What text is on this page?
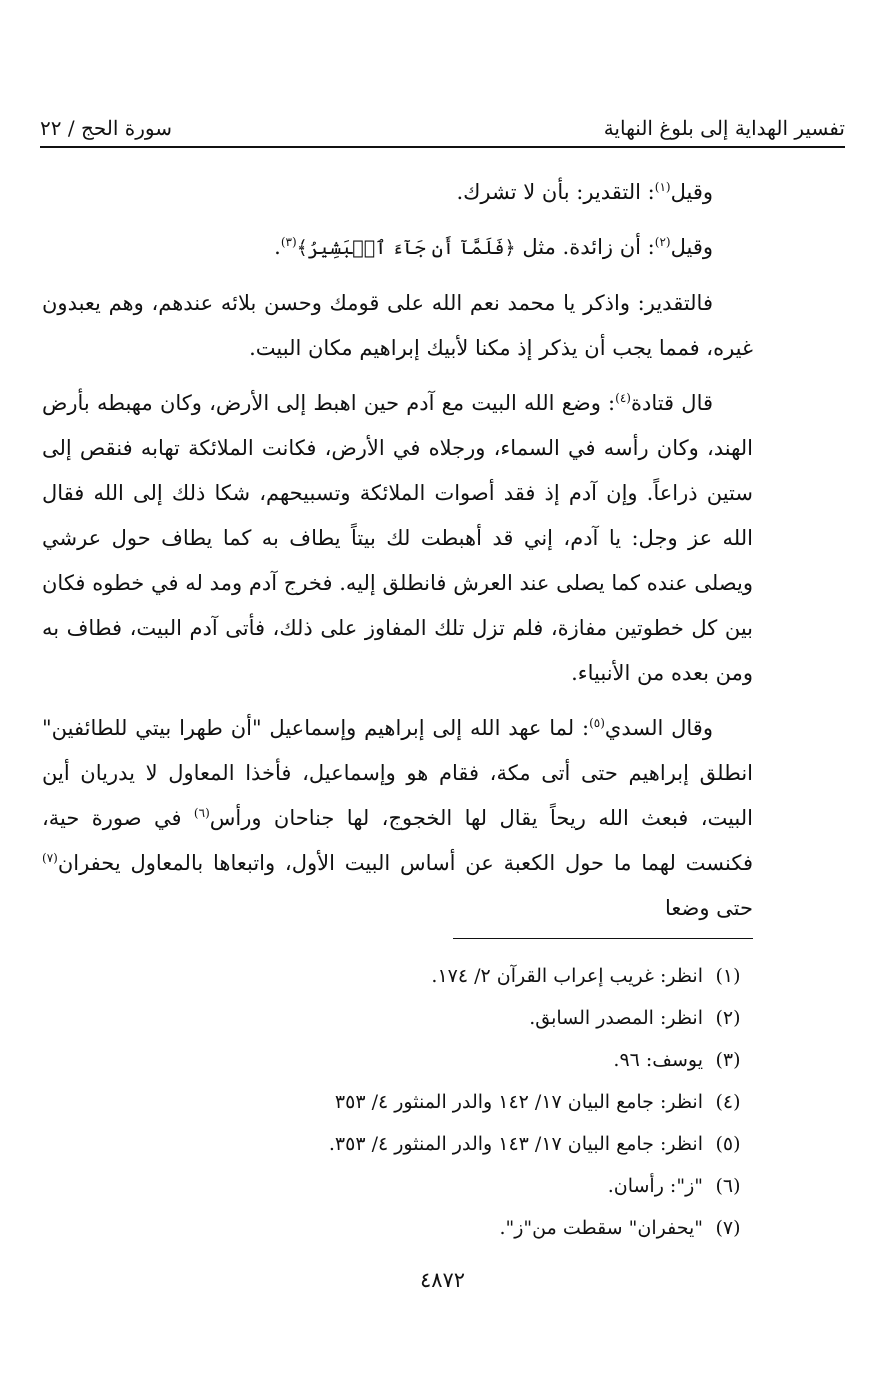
تفسير الهداية إلى بلوغ النهاية
سورة الحج / ٢٢

وقيل$^{(١)}$: التقدير: بأن لا تشرك.

وقيل$^{(٢)}$: أن زائدة. مثل ﴿فَلَمَّآ أَن جَآءَ ٱلۡبَشِيرُ﴾$^{(٣)}$.

فالتقدير: واذكر يا محمد نعم الله على قومك وحسن بلائه عندهم، وهم يعبدون غيره، فمما يجب أن يذكر إذ مكنا لأبيك إبراهيم مكان البيت.

قال قتادة$^{(٤)}$: وضع الله البيت مع آدم حين اهبط إلى الأرض، وكان مهبطه بأرض الهند، وكان رأسه في السماء، ورجلاه في الأرض، فكانت الملائكة تهابه فنقص إلى ستين ذراعاً. وإن آدم إذ فقد أصوات الملائكة وتسبيحهم، شكا ذلك إلى الله فقال الله عز وجل: يا آدم، إني قد أهبطت لك بيتاً يطاف به كما يطاف حول عرشي ويصلى عنده كما يصلى عند العرش فانطلق إليه. فخرج آدم ومد له في خطوه فكان بين كل خطوتين مفازة، فلم تزل تلك المفاوز على ذلك، فأتى آدم البيت، فطاف به ومن بعده من الأنبياء.

وقال السدي$^{(٥)}$: لما عهد الله إلى إبراهيم وإسماعيل "أن طهرا بيتي للطائفين" انطلق إبراهيم حتى أتى مكة، فقام هو وإسماعيل، فأخذا المعاول لا يدريان أين البيت، فبعث الله ريحاً يقال لها الخجوج، لها جناحان ورأس$^{(٦)}$ في صورة حية، فكنست لهما ما حول الكعبة عن أساس البيت الأول، واتبعاها بالمعاول يحفران$^{(٧)}$ حتى وضعا

(١)
انظر: غريب إعراب القرآن ٢/ ١٧٤.
(٢)
انظر: المصدر السابق.
(٣)
يوسف: ٩٦.
(٤)
انظر: جامع البيان ١٧/ ١٤٢ والدر المنثور ٤/ ٣٥٣
(٥)
انظر: جامع البيان ١٧/ ١٤٣ والدر المنثور ٤/ ٣٥٣.
(٦)
"ز": رأسان.
(٧)
"يحفران" سقطت من"ز".
٤٨٧٢
